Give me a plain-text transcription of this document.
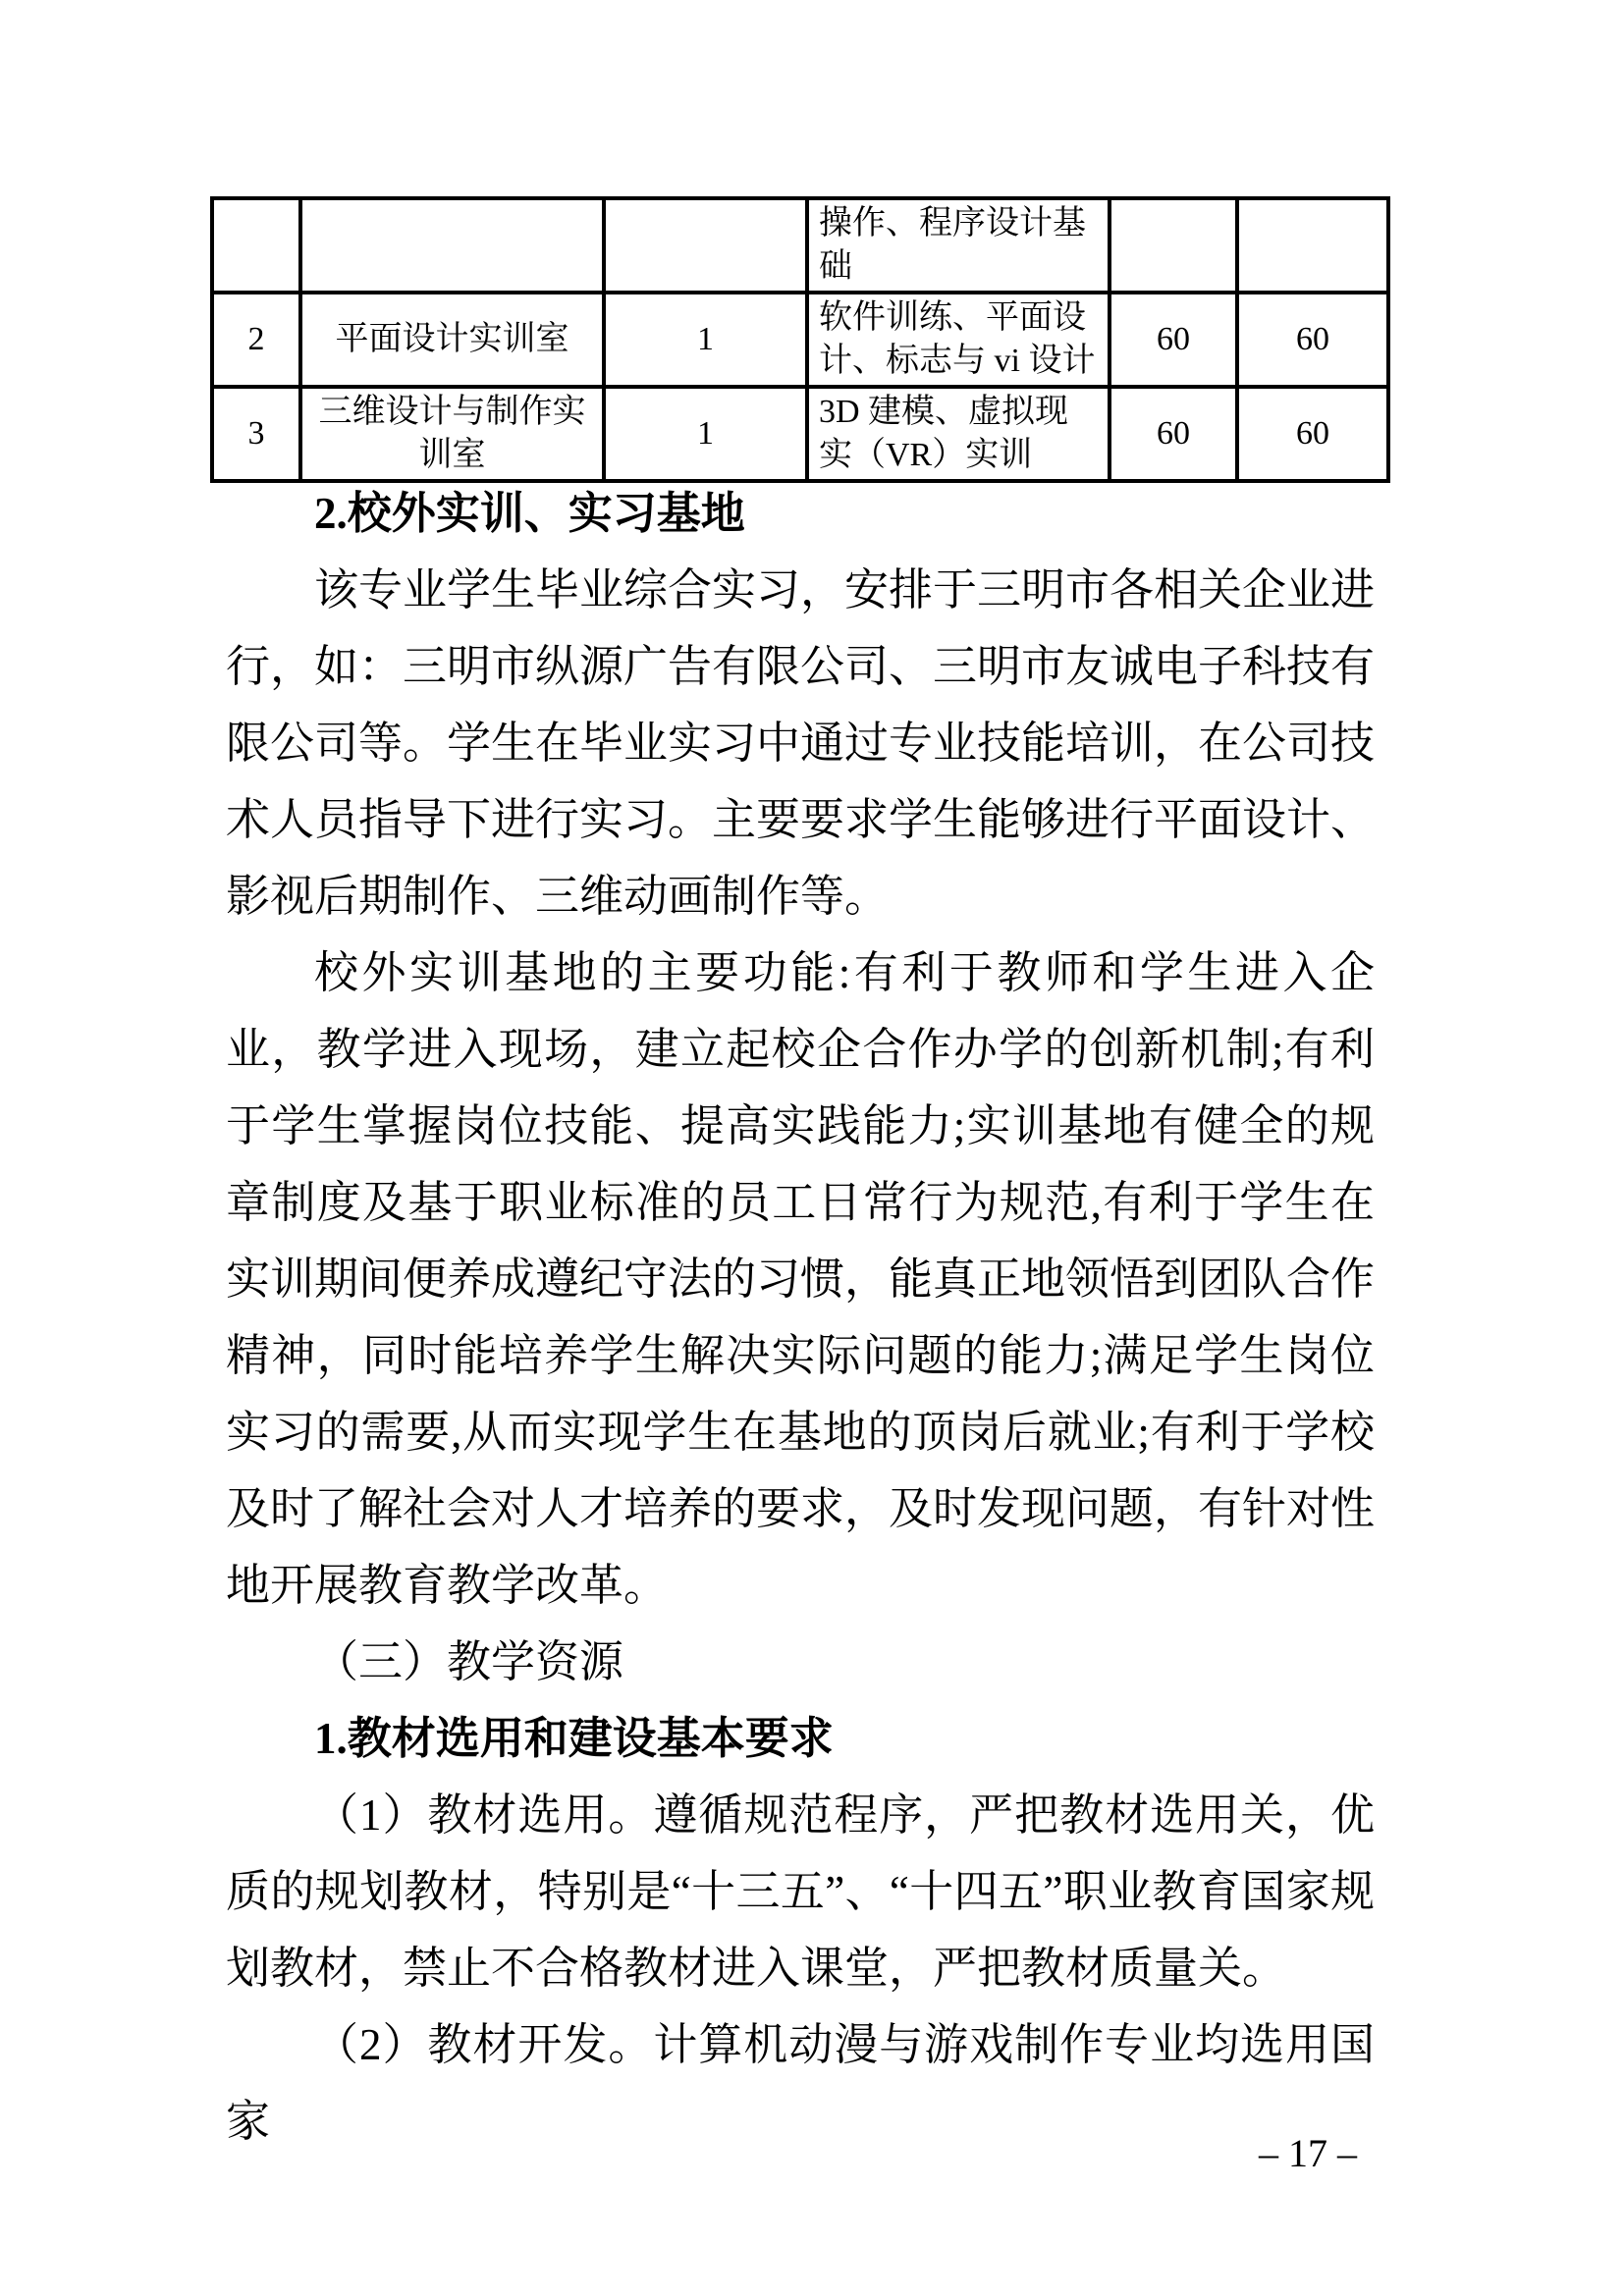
			操作、程序设计基础		
2	平面设计实训室	1	软件训练、平面设计、标志与 vi 设计	60	60
3	三维设计与制作实训室	1	3D 建模、虚拟现实（VR）实训	60	60

2.校外实训、实习基地

该专业学生毕业综合实习，安排于三明市各相关企业进行，如：三明市纵源广告有限公司、三明市友诚电子科技有限公司等。学生在毕业实习中通过专业技能培训，在公司技术人员指导下进行实习。主要要求学生能够进行平面设计、影视后期制作、三维动画制作等。

校外实训基地的主要功能:有利于教师和学生进入企业，教学进入现场，建立起校企合作办学的创新机制;有利于学生掌握岗位技能、提高实践能力;实训基地有健全的规章制度及基于职业标准的员工日常行为规范,有利于学生在实训期间便养成遵纪守法的习惯，能真正地领悟到团队合作精神，同时能培养学生解决实际问题的能力;满足学生岗位实习的需要,从而实现学生在基地的顶岗后就业;有利于学校及时了解社会对人才培养的要求，及时发现问题，有针对性地开展教育教学改革。

（三）教学资源

1.教材选用和建设基本要求

（1）教材选用。遵循规范程序，严把教材选用关，优质的规划教材，特别是“十三五”、“十四五”职业教育国家规划教材，禁止不合格教材进入课堂，严把教材质量关。

（2）教材开发。计算机动漫与游戏制作专业均选用国家

– 17 –
